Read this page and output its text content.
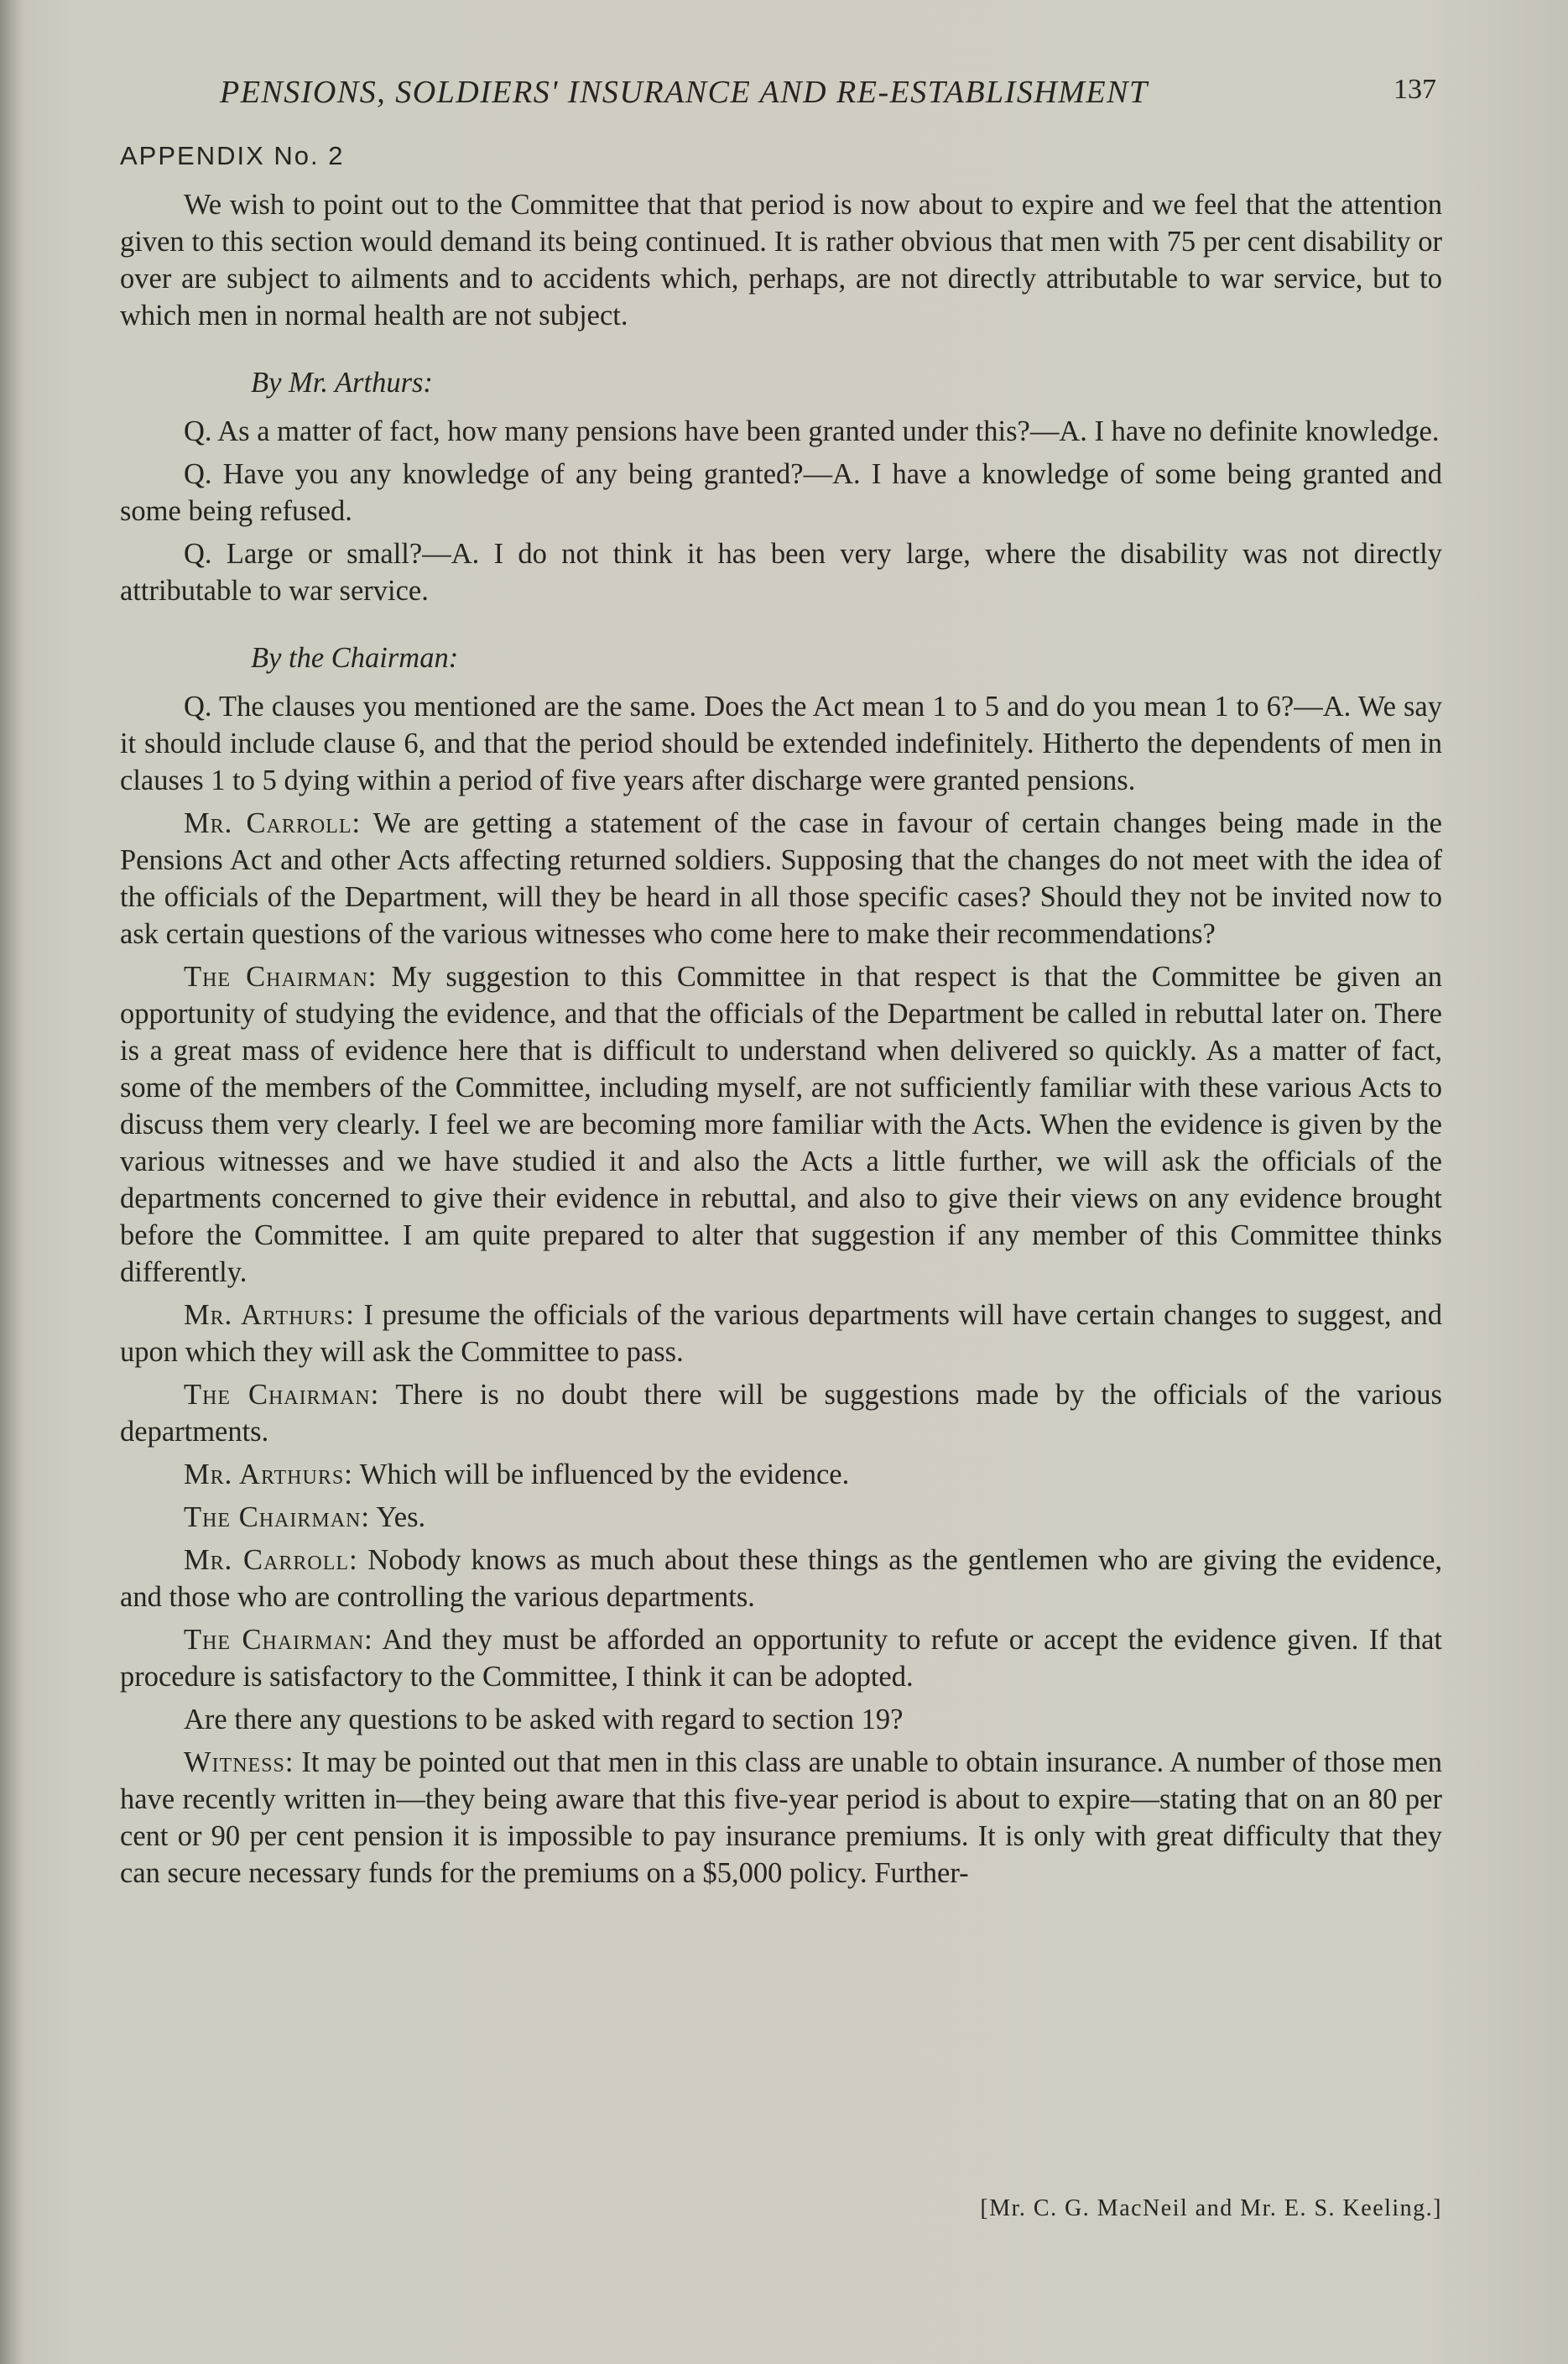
PENSIONS, SOLDIERS' INSURANCE AND RE-ESTABLISHMENT	137
APPENDIX No. 2

We wish to point out to the Committee that that period is now about to expire and we feel that the attention given to this section would demand its being continued. It is rather obvious that men with 75 per cent disability or over are subject to ailments and to accidents which, perhaps, are not directly attributable to war service, but to which men in normal health are not subject.

By Mr. Arthurs:

Q. As a matter of fact, how many pensions have been granted under this?—A. I have no definite knowledge.

Q. Have you any knowledge of any being granted?—A. I have a knowledge of some being granted and some being refused.

Q. Large or small?—A. I do not think it has been very large, where the disability was not directly attributable to war service.

By the Chairman:

Q. The clauses you mentioned are the same. Does the Act mean 1 to 5 and do you mean 1 to 6?—A. We say it should include clause 6, and that the period should be extended indefinitely. Hitherto the dependents of men in clauses 1 to 5 dying within a period of five years after discharge were granted pensions.

Mr. Carroll: We are getting a statement of the case in favour of certain changes being made in the Pensions Act and other Acts affecting returned soldiers. Supposing that the changes do not meet with the idea of the officials of the Department, will they be heard in all those specific cases? Should they not be invited now to ask certain questions of the various witnesses who come here to make their recommendations?

The Chairman: My suggestion to this Committee in that respect is that the Committee be given an opportunity of studying the evidence, and that the officials of the Department be called in rebuttal later on. There is a great mass of evidence here that is difficult to understand when delivered so quickly. As a matter of fact, some of the members of the Committee, including myself, are not sufficiently familiar with these various Acts to discuss them very clearly. I feel we are becoming more familiar with the Acts. When the evidence is given by the various witnesses and we have studied it and also the Acts a little further, we will ask the officials of the departments concerned to give their evidence in rebuttal, and also to give their views on any evidence brought before the Committee. I am quite prepared to alter that suggestion if any member of this Committee thinks differently.

Mr. Arthurs: I presume the officials of the various departments will have certain changes to suggest, and upon which they will ask the Committee to pass.

The Chairman: There is no doubt there will be suggestions made by the officials of the various departments.

Mr. Arthurs: Which will be influenced by the evidence.

The Chairman: Yes.

Mr. Carroll: Nobody knows as much about these things as the gentlemen who are giving the evidence, and those who are controlling the various departments.

The Chairman: And they must be afforded an opportunity to refute or accept the evidence given. If that procedure is satisfactory to the Committee, I think it can be adopted.

Are there any questions to be asked with regard to section 19?

Witness: It may be pointed out that men in this class are unable to obtain insurance. A number of those men have recently written in—they being aware that this five-year period is about to expire—stating that on an 80 per cent or 90 per cent pension it is impossible to pay insurance premiums. It is only with great difficulty that they can secure necessary funds for the premiums on a $5,000 policy. Further-

[Mr. C. G. MacNeil and Mr. E. S. Keeling.]
